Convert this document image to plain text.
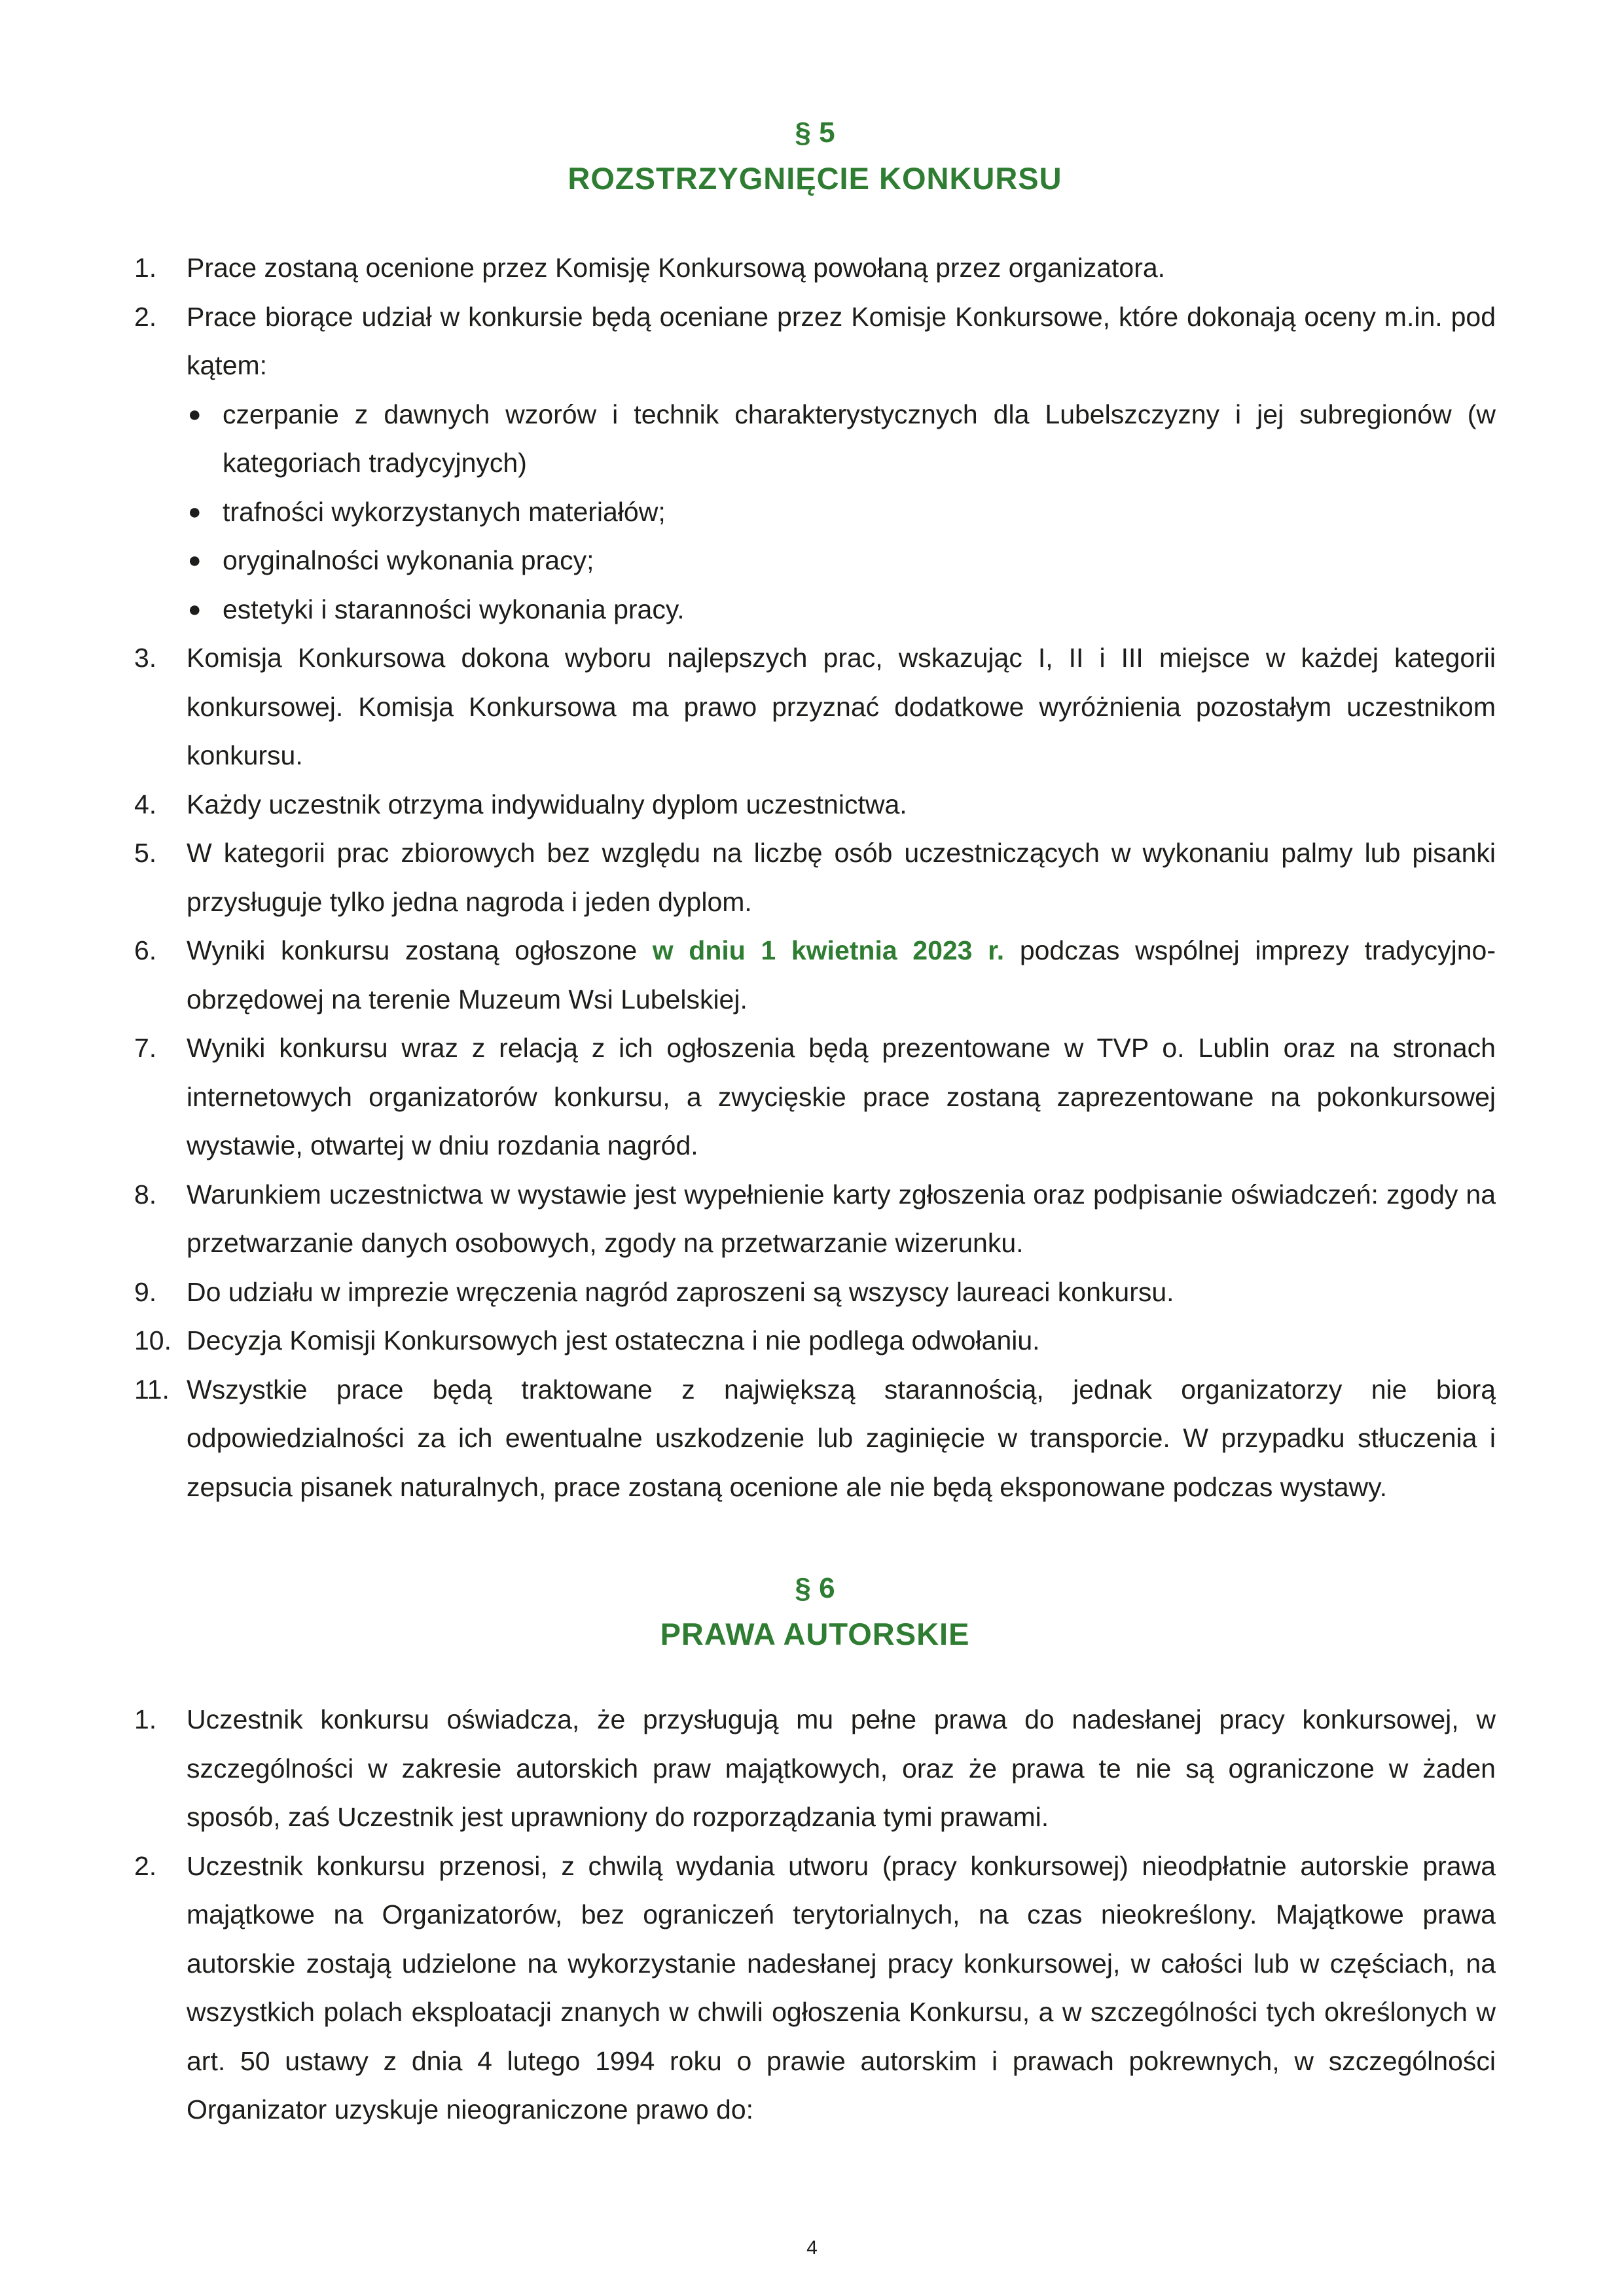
§ 5
ROZSTRZYGNIĘCIE KONKURSU
1.	Prace zostaną ocenione przez Komisję Konkursową powołaną przez organizatora.
2.	Prace biorące udział w konkursie będą oceniane przez Komisje Konkursowe, które dokonają oceny m.in. pod kątem:
● czerpanie z dawnych wzorów i technik charakterystycznych dla Lubelszczyzny i jej subregionów (w kategoriach tradycyjnych)
● trafności wykorzystanych materiałów;
● oryginalności wykonania pracy;
● estetyki i staranności wykonania pracy.
3.	Komisja Konkursowa dokona wyboru najlepszych prac, wskazując I, II i III miejsce w każdej kategorii konkursowej. Komisja Konkursowa ma prawo przyznać dodatkowe wyróżnienia pozostałym uczestnikom konkursu.
4.	Każdy uczestnik otrzyma indywidualny dyplom uczestnictwa.
5.	W kategorii prac zbiorowych bez względu na liczbę osób uczestniczących w wykonaniu palmy lub pisanki przysługuje tylko jedna nagroda i jeden dyplom.
6.	Wyniki konkursu zostaną ogłoszone w dniu 1 kwietnia 2023 r. podczas wspólnej imprezy tradycyjno-obrzędowej na terenie Muzeum Wsi Lubelskiej.
7.	Wyniki konkursu wraz z relacją z ich ogłoszenia będą prezentowane w TVP o. Lublin oraz na stronach internetowych organizatorów konkursu, a zwycięskie prace zostaną zaprezentowane na pokonkursowej wystawie, otwartej w dniu rozdania nagród.
8.	Warunkiem uczestnictwa w wystawie jest wypełnienie karty zgłoszenia oraz podpisanie oświadczeń: zgody na przetwarzanie danych osobowych, zgody na przetwarzanie wizerunku.
9.	Do udziału w imprezie wręczenia nagród zaproszeni są wszyscy laureaci konkursu.
10. Decyzja Komisji Konkursowych jest ostateczna i nie podlega odwołaniu.
11. Wszystkie prace będą traktowane z największą starannością, jednak organizatorzy nie biorą odpowiedzialności za ich ewentualne uszkodzenie lub zaginięcie w transporcie. W przypadku stłuczenia i zepsucia pisanek naturalnych, prace zostaną ocenione ale nie będą eksponowane podczas wystawy.
§ 6
PRAWA AUTORSKIE
1.	Uczestnik konkursu oświadcza, że przysługują mu pełne prawa do nadesłanej pracy konkursowej, w szczególności w zakresie autorskich praw majątkowych, oraz że prawa te nie są ograniczone w żaden sposób, zaś Uczestnik jest uprawniony do rozporządzania tymi prawami.
2.	Uczestnik konkursu przenosi, z chwilą wydania utworu (pracy konkursowej) nieodpłatnie autorskie prawa majątkowe na Organizatorów, bez ograniczeń terytorialnych, na czas nieokreślony. Majątkowe prawa autorskie zostają udzielone na wykorzystanie nadesłanej pracy konkursowej, w całości lub w częściach, na wszystkich polach eksploatacji znanych w chwili ogłoszenia Konkursu, a w szczególności tych określonych w art. 50 ustawy z dnia 4 lutego 1994 roku o prawie autorskim i prawach pokrewnych, w szczególności Organizator uzyskuje nieograniczone prawo do:
4
